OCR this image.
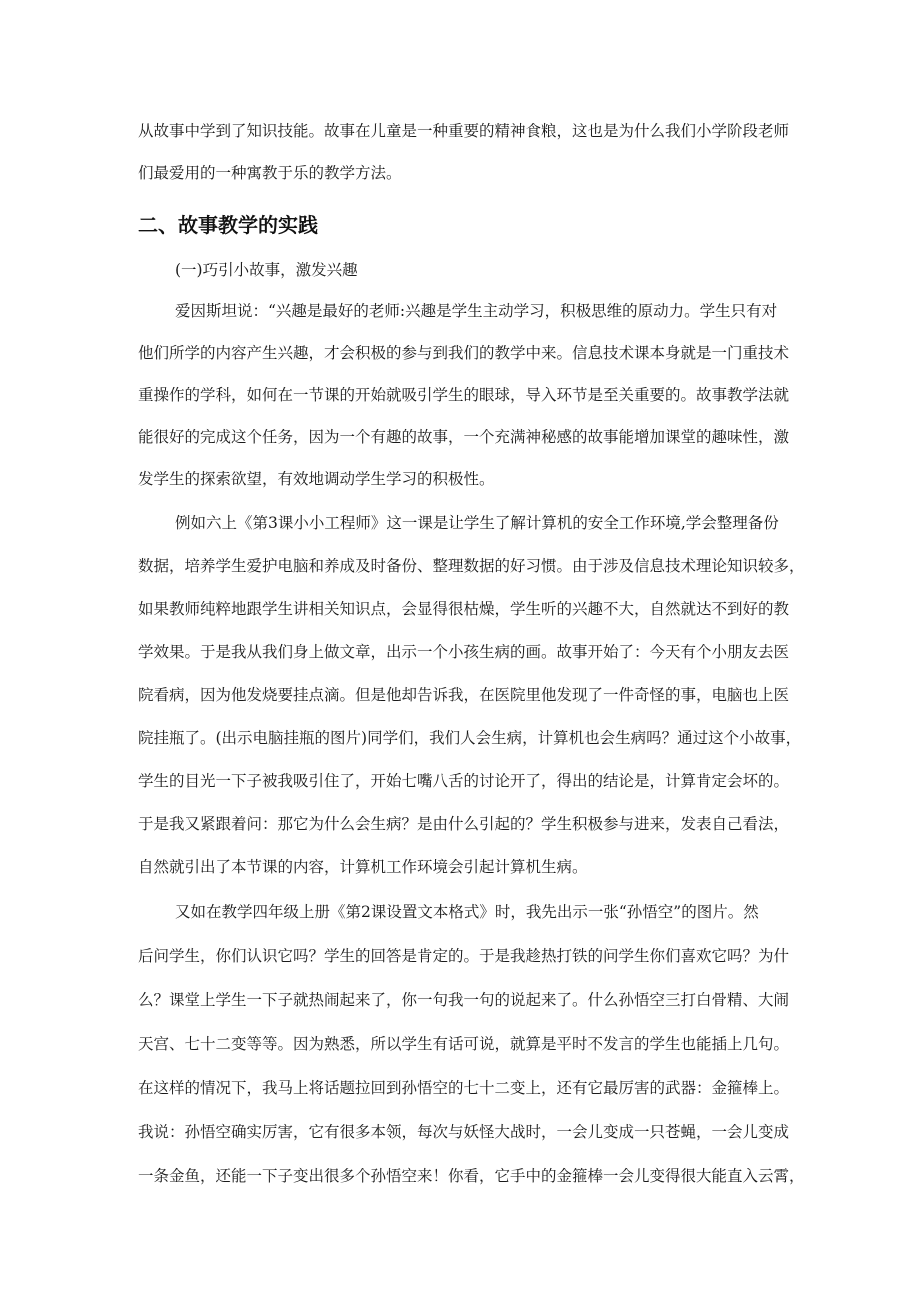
从故事中学到了知识技能。故事在儿童是一种重要的精神食粮，这也是为什么我们小学阶段老师
们最爱用的一种寓教于乐的教学方法。
二、故事教学的实践
(一)巧引小故事，激发兴趣
爱因斯坦说：“兴趣是最好的老师:兴趣是学生主动学习，积极思维的原动力。学生只有对
他们所学的内容产生兴趣，才会积极的参与到我们的教学中来。信息技术课本身就是一门重技术
重操作的学科，如何在一节课的开始就吸引学生的眼球，导入环节是至关重要的。故事教学法就
能很好的完成这个任务，因为一个有趣的故事，一个充满神秘感的故事能增加课堂的趣味性，激
发学生的探索欲望，有效地调动学生学习的积极性。
例如六上《第3课小小工程师》这一课是让学生了解计算机的安全工作环境,学会整理备份
数据，培养学生爱护电脑和养成及时备份、整理数据的好习惯。由于涉及信息技术理论知识较多，
如果教师纯粹地跟学生讲相关知识点，会显得很枯燥，学生听的兴趣不大，自然就达不到好的教
学效果。于是我从我们身上做文章，出示一个小孩生病的画。故事开始了：今天有个小朋友去医
院看病，因为他发烧要挂点滴。但是他却告诉我，在医院里他发现了一件奇怪的事，电脑也上医
院挂瓶了。(出示电脑挂瓶的图片)同学们，我们人会生病，计算机也会生病吗？通过这个小故事，
学生的目光一下子被我吸引住了，开始七嘴八舌的讨论开了，得出的结论是，计算肯定会坏的。
于是我又紧跟着问：那它为什么会生病？是由什么引起的？学生积极参与进来，发表自己看法，
自然就引出了本节课的内容，计算机工作环境会引起计算机生病。
又如在教学四年级上册《第2课设置文本格式》时，我先出示一张“孙悟空”的图片。然
后问学生，你们认识它吗？学生的回答是肯定的。于是我趁热打铁的问学生你们喜欢它吗？为什
么？课堂上学生一下子就热闹起来了，你一句我一句的说起来了。什么孙悟空三打白骨精、大闹
天宫、七十二变等等。因为熟悉，所以学生有话可说，就算是平时不发言的学生也能插上几句。
在这样的情况下，我马上将话题拉回到孙悟空的七十二变上，还有它最厉害的武器：金箍棒上。
我说：孙悟空确实厉害，它有很多本领，每次与妖怪大战时，一会儿变成一只苍蝇，一会儿变成
一条金鱼，还能一下子变出很多个孙悟空来！你看，它手中的金箍棒一会儿变得很大能直入云霄，
